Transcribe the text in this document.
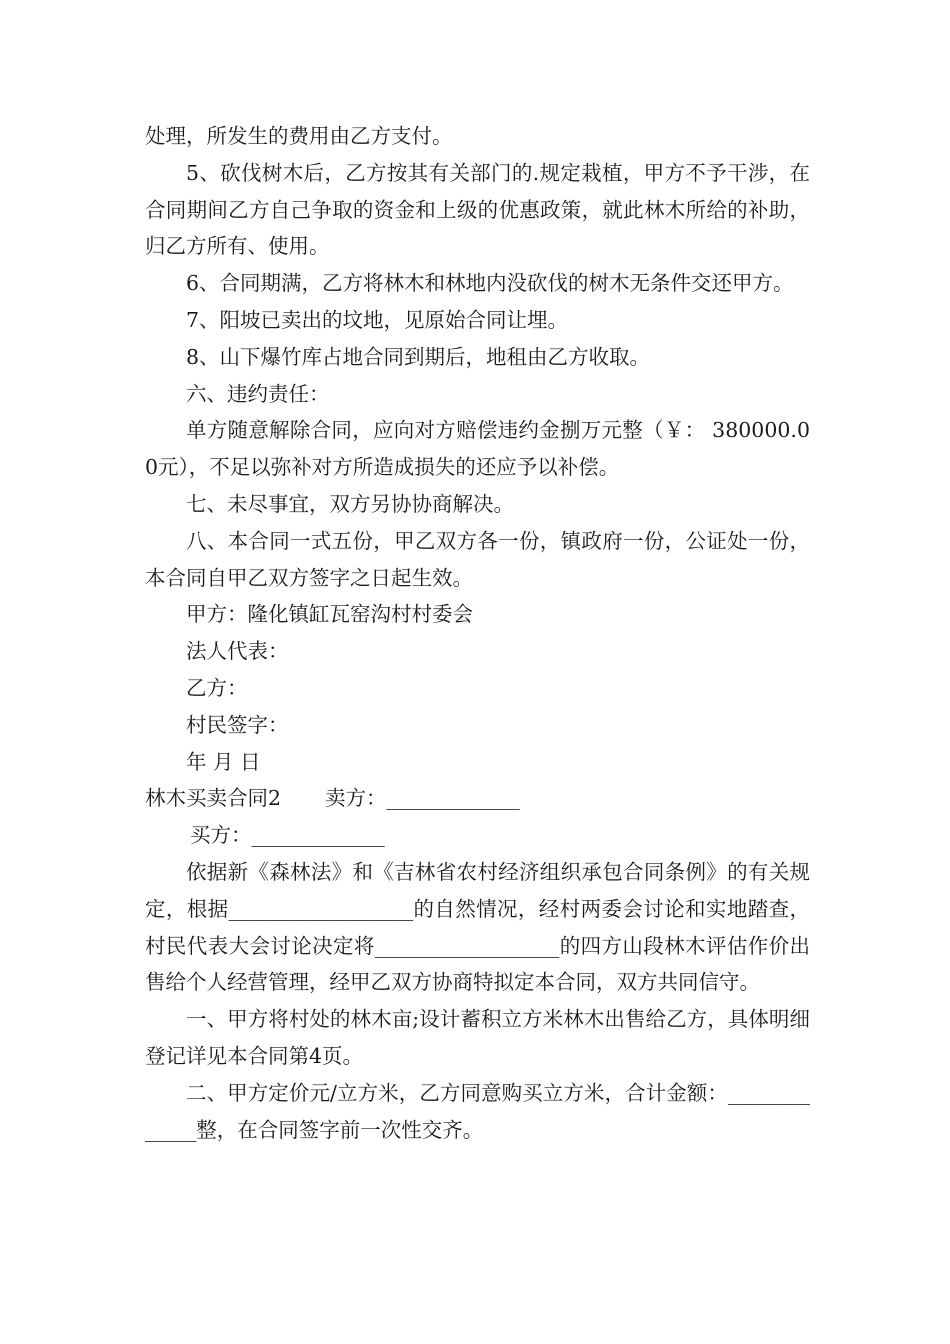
处理，所发生的费用由乙方支付。

5、砍伐树木后，乙方按其有关部门的.规定栽植，甲方不予干涉，在合同期间乙方自己争取的资金和上级的优惠政策，就此林木所给的补助，归乙方所有、使用。

6、合同期满，乙方将林木和林地内没砍伐的树木无条件交还甲方。

7、阳坡已卖出的坟地，见原始合同让埋。

8、山下爆竹库占地合同到期后，地租由乙方收取。

六、违约责任：

单方随意解除合同，应向对方赔偿违约金捌万元整（￥： 380000.00元），不足以弥补对方所造成损失的还应予以补偿。

七、未尽事宜，双方另协协商解决。

八、本合同一式五份，甲乙双方各一份，镇政府一份，公证处一份，本合同自甲乙双方签字之日起生效。

甲方：隆化镇缸瓦窑沟村村委会

法人代表：

乙方：

村民签字：

年 月 日

林木买卖合同2 卖方：_____________

买方：_____________

依据新《森林法》和《吉林省农村经济组织承包合同条例》的有关规定，根据__________________的自然情况，经村两委会讨论和实地踏查，村民代表大会讨论决定将__________________的四方山段林木评估作价出售给个人经营管理，经甲乙双方协商特拟定本合同，双方共同信守。

一、甲方将村处的林木亩;设计蓄积立方米林木出售给乙方，具体明细登记详见本合同第4页。

二、甲方定价元/立方米，乙方同意购买立方米，合计金额：_____________整，在合同签字前一次性交齐。
